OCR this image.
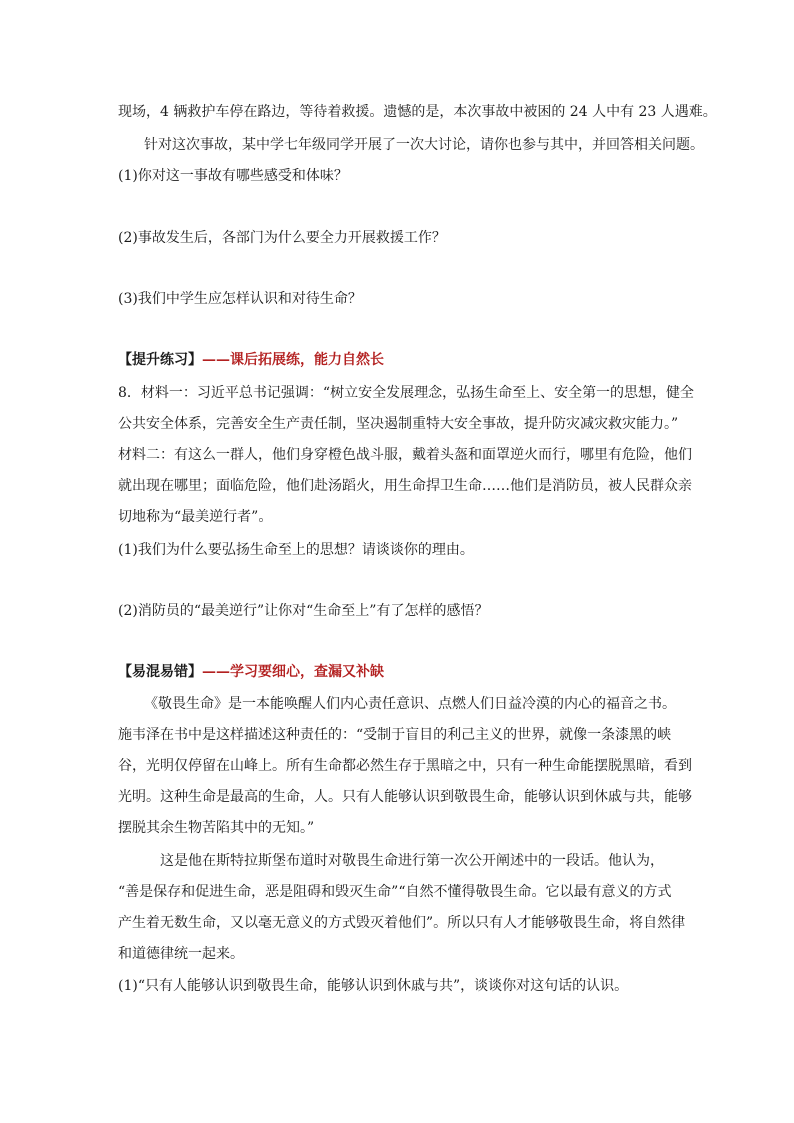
现场，4 辆救护车停在路边，等待着救援。遗憾的是，本次事故中被困的 24 人中有 23 人遇难。
针对这次事故，某中学七年级同学开展了一次大讨论，请你也参与其中，并回答相关问题。
(1)你对这一事故有哪些感受和体味？
(2)事故发生后，各部门为什么要全力开展救援工作？
(3)我们中学生应怎样认识和对待生命？
【提升练习】——课后拓展练，能力自然长
8．材料一：习近平总书记强调：“树立安全发展理念，弘扬生命至上、安全第一的思想，健全
公共安全体系，完善安全生产责任制，坚决遏制重特大安全事故，提升防灾减灾救灾能力。”
材料二：有这么一群人，他们身穿橙色战斗服，戴着头盔和面罩逆火而行，哪里有危险，他们
就出现在哪里；面临危险，他们赴汤蹈火，用生命捍卫生命……他们是消防员，被人民群众亲
切地称为“最美逆行者”。
(1)我们为什么要弘扬生命至上的思想？请谈谈你的理由。
(2)消防员的“最美逆行”让你对“生命至上”有了怎样的感悟？
【易混易错】——学习要细心，查漏又补缺
《敬畏生命》是一本能唤醒人们内心责任意识、点燃人们日益冷漠的内心的福音之书。
施韦泽在书中是这样描述这种责任的：“受制于盲目的利己主义的世界，就像一条漆黑的峡
谷，光明仅停留在山峰上。所有生命都必然生存于黑暗之中，只有一种生命能摆脱黑暗，看到
光明。这种生命是最高的生命，人。只有人能够认识到敬畏生命，能够认识到休戚与共，能够
摆脱其余生物苦陷其中的无知。”
这是他在斯特拉斯堡布道时对敬畏生命进行第一次公开阐述中的一段话。他认为，
“善是保存和促进生命，恶是阻碍和毁灭生命”“自然不懂得敬畏生命。它以最有意义的方式
产生着无数生命，又以毫无意义的方式毁灭着他们”。所以只有人才能够敬畏生命，将自然律
和道德律统一起来。
(1)“只有人能够认识到敬畏生命，能够认识到休戚与共”，谈谈你对这句话的认识。
